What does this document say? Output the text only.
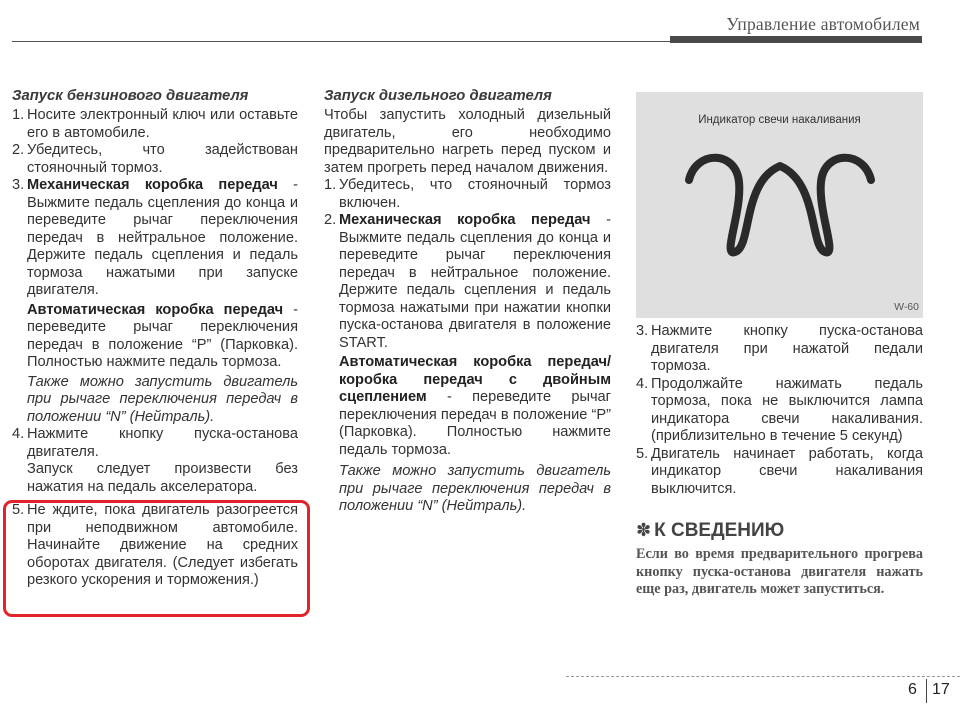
Управление автомобилем
Запуск бензинового двигателя
1. Носите электронный ключ или оставьте его в автомобиле.
2. Убедитесь, что задействован стояночный тормоз.
3. Механическая коробка передач - Выжмите педаль сцепления до конца и переведите рычаг переключения передач в нейтральное положение. Держите педаль сцепления и педаль тормоза нажатыми при запуске двигателя.
Автоматическая коробка передач - переведите рычаг переключения передач в положение “P” (Парковка). Полностью нажмите педаль тормоза.
Также можно запустить двигатель при рычаге переключения передач в положении “N” (Нейтраль).
4. Нажмите кнопку пуска-останова двигателя.
Запуск следует произвести без нажатия на педаль акселератора.
5. Не ждите, пока двигатель разогреется при неподвижном автомобиле. Начинайте движение на средних оборотах двигателя. (Следует избегать резкого ускорения и торможения.)
Запуск дизельного двигателя
Чтобы запустить холодный дизельный двигатель, его необходимо предварительно нагреть перед пуском и затем прогреть перед началом движения.
1. Убедитесь, что стояночный тормоз включен.
2. Механическая коробка передач - Выжмите педаль сцепления до конца и переведите рычаг переключения передач в нейтральное положение. Держите педаль сцепления и педаль тормоза нажатыми при нажатии кнопки пуска-останова двигателя в положение START.
Автоматическая коробка передач/коробка передач с двойным сцеплением - переведите рычаг переключения передач в положение “P” (Парковка). Полностью нажмите педаль тормоза.
Также можно запустить двигатель при рычаге переключения передач в положении “N” (Нейтраль).
Индикатор свечи накаливания
W-60
3. Нажмите кнопку пуска-останова двигателя при нажатой педали тормоза.
4. Продолжайте нажимать педаль тормоза, пока не выключится лампа индикатора свечи накаливания. (приблизительно в течение 5 секунд)
5. Двигатель начинает работать, когда индикатор свечи накаливания выключится.
✽ К СВЕДЕНИЮ
Если во время предварительного прогрева кнопку пуска-останова двигателя нажать еще раз, двигатель может запуститься.
6 17
